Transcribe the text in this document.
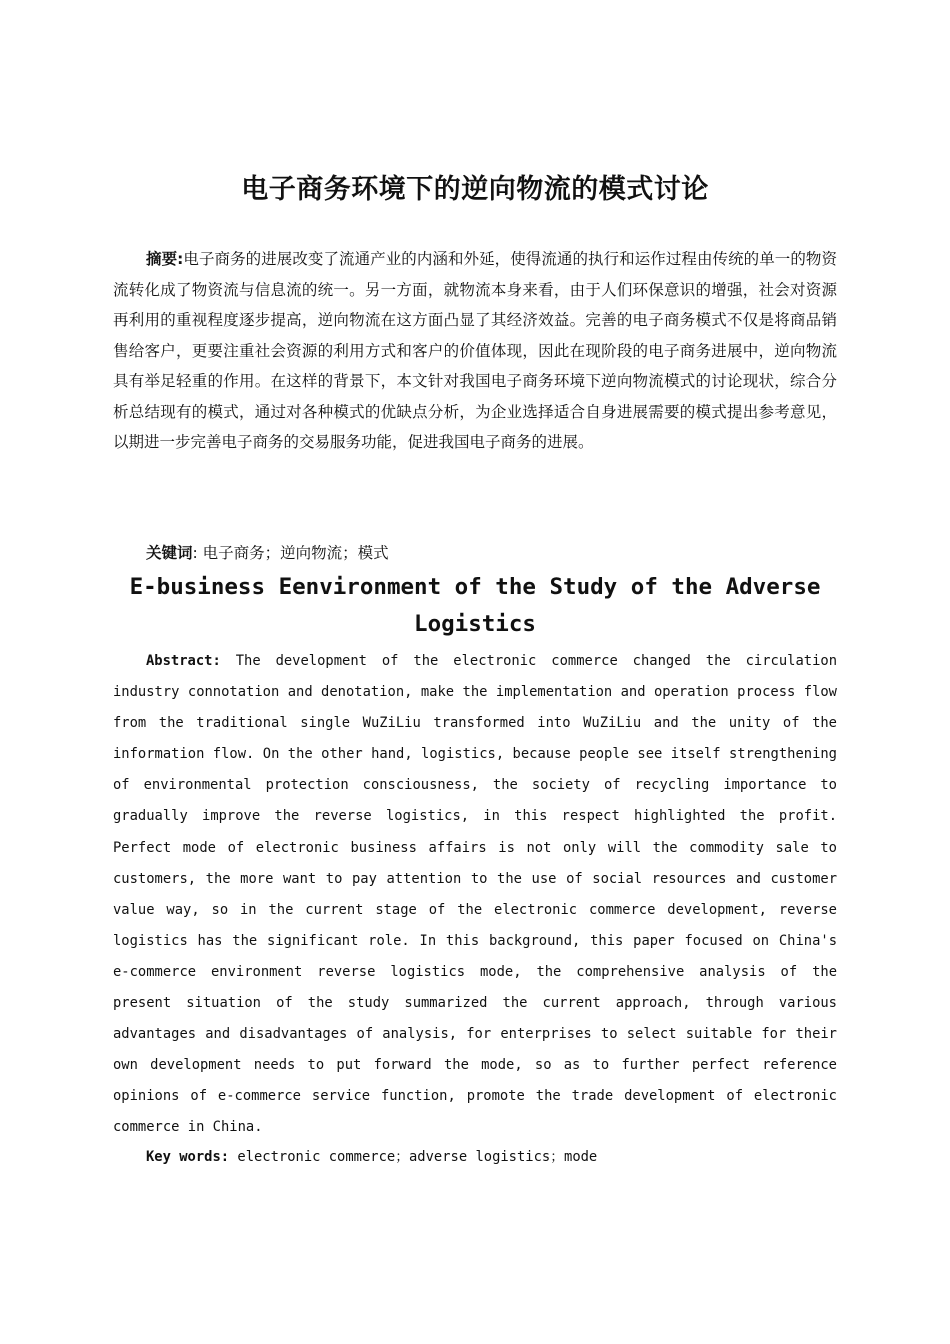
电子商务环境下的逆向物流的模式讨论

摘要:电子商务的进展改变了流通产业的内涵和外延，使得流通的执行和运作过程由传统的单一的物资流转化成了物资流与信息流的统一。另一方面，就物流本身来看，由于人们环保意识的增强，社会对资源再利用的重视程度逐步提高，逆向物流在这方面凸显了其经济效益。完善的电子商务模式不仅是将商品销售给客户，更要注重社会资源的利用方式和客户的价值体现，因此在现阶段的电子商务进展中，逆向物流具有举足轻重的作用。在这样的背景下，本文针对我国电子商务环境下逆向物流模式的讨论现状，综合分析总结现有的模式，通过对各种模式的优缺点分析，为企业选择适合自身进展需要的模式提出参考意见，以期进一步完善电子商务的交易服务功能，促进我国电子商务的进展。

关键词: 电子商务；逆向物流；模式

E-business Eenvironment of the Study of the Adverse Logistics

Abstract: The development of the electronic commerce changed the circulation industry connotation and denotation, make the implementation and operation process flow from the traditional single WuZiLiu transformed into WuZiLiu and the unity of the information flow. On the other hand, logistics, because people see itself strengthening of environmental protection consciousness, the society of recycling importance to gradually improve the reverse logistics, in this respect highlighted the profit. Perfect mode of electronic business affairs is not only will the commodity sale to customers, the more want to pay attention to the use of social resources and customer value way, so in the current stage of the electronic commerce development, reverse logistics has the significant role. In this background, this paper focused on China's e-commerce environment reverse logistics mode, the comprehensive analysis of the present situation of the study summarized the current approach, through various advantages and disadvantages of analysis, for enterprises to select suitable for their own development needs to put forward the mode, so as to further perfect reference opinions of e-commerce service function, promote the trade development of electronic commerce in China.

Key words: electronic commerce；adverse logistics；mode
